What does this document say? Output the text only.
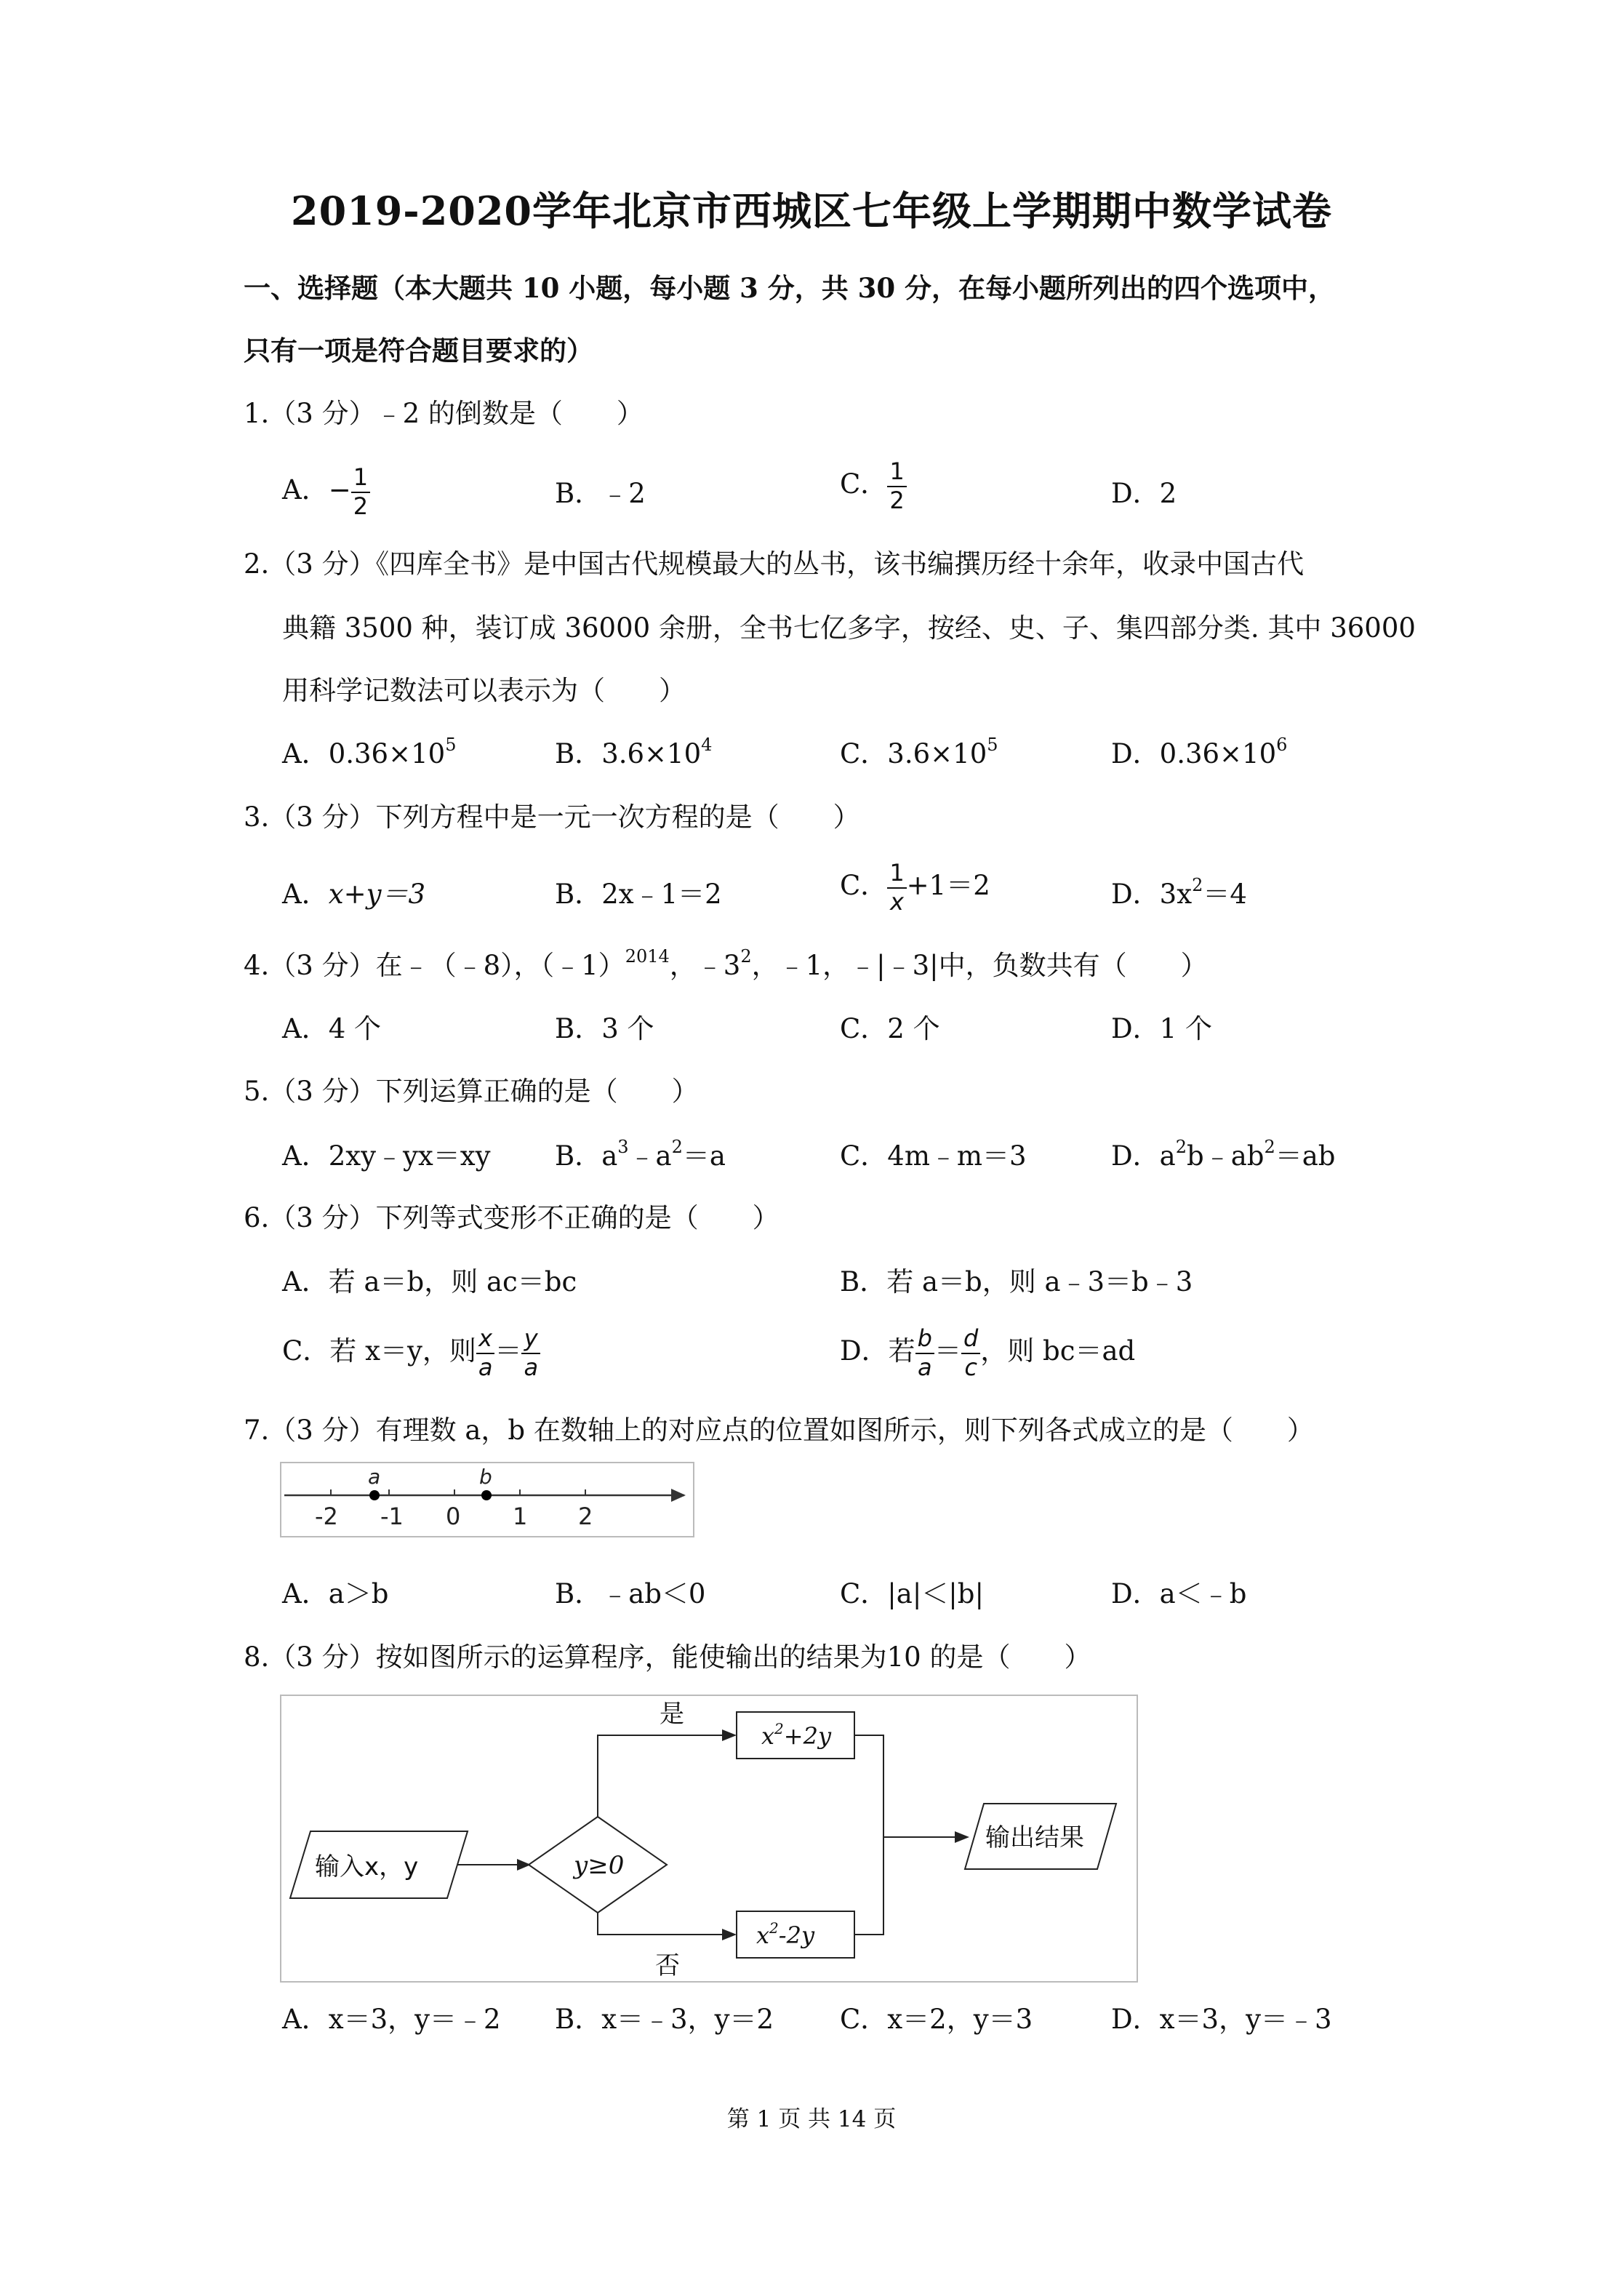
2019-2020学年北京市西城区七年级上学期期中数学试卷
一、选择题（本大题共 10 小题，每小题 3 分，共 30 分，在每小题所列出的四个选项中，
只有一项是符合题目要求的）
1.（3 分）﹣2 的倒数是（　　）
A．− $\frac{1}{2}$	B．﹣2	C． $\frac{1}{2}$	D．2
2.（3 分）《四库全书》是中国古代规模最大的丛书，该书编撰历经十余年，收录中国古代
典籍 3500 种，装订成 36000 余册，全书七亿多字，按经、史、子、集四部分类. 其中 36000
用科学记数法可以表示为（　　）
A．$0.36\times 10^5$	B．$3.6\times 10^4$	C．$3.6\times 10^5$	D．$0.36\times 10^6$
3.（3 分）下列方程中是一元一次方程的是（　　）
A．x+y＝3	B．2x﹣1＝2	C． $\frac{1}{x} +1=2$	D．$3x^2=4$
4.（3 分）在﹣（﹣8），（﹣1）$^{2014}$，$﹣3^2$，﹣1，﹣|﹣3|中，负数共有（　　）
A．4 个	B．3 个	C．2 个	D．1 个
5.（3 分）下列运算正确的是（　　）
A．2xy﹣yx＝xy B．$a^3﹣a^2=a$	C．4m﹣m＝3	D．$a^2b﹣ab^2=ab$
6.（3 分）下列等式变形不正确的是（　　）
A．若 a＝b，则 ac＝bc	B．若 a＝b，则 a﹣3＝b﹣3
C．若 x＝y，则 $\frac{x}{a} = \frac{y}{a}$	D．若 $\frac{b}{a} = \frac{d}{c}$ ，则 bc＝ad
7.（3 分）有理数 a，b 在数轴上的对应点的位置如图所示，则下列各式成立的是（　　）
a	b
-2 -1 0 1 2
A．a＞b	B．﹣ab＜0	C．|a|＜|b|	D．a＜﹣b
8.（3 分）按如图所示的运算程序，能使输出的结果为10 的是（　　）
输入x，y	y≥0
是
否
$x^2+2y$
$x^2-2y$
输出结果
A．x＝3，y＝﹣2 B．x＝﹣3，y＝2 C．x＝2，y＝3	D．x＝3，y＝﹣3
第 1 页 共 14 页
